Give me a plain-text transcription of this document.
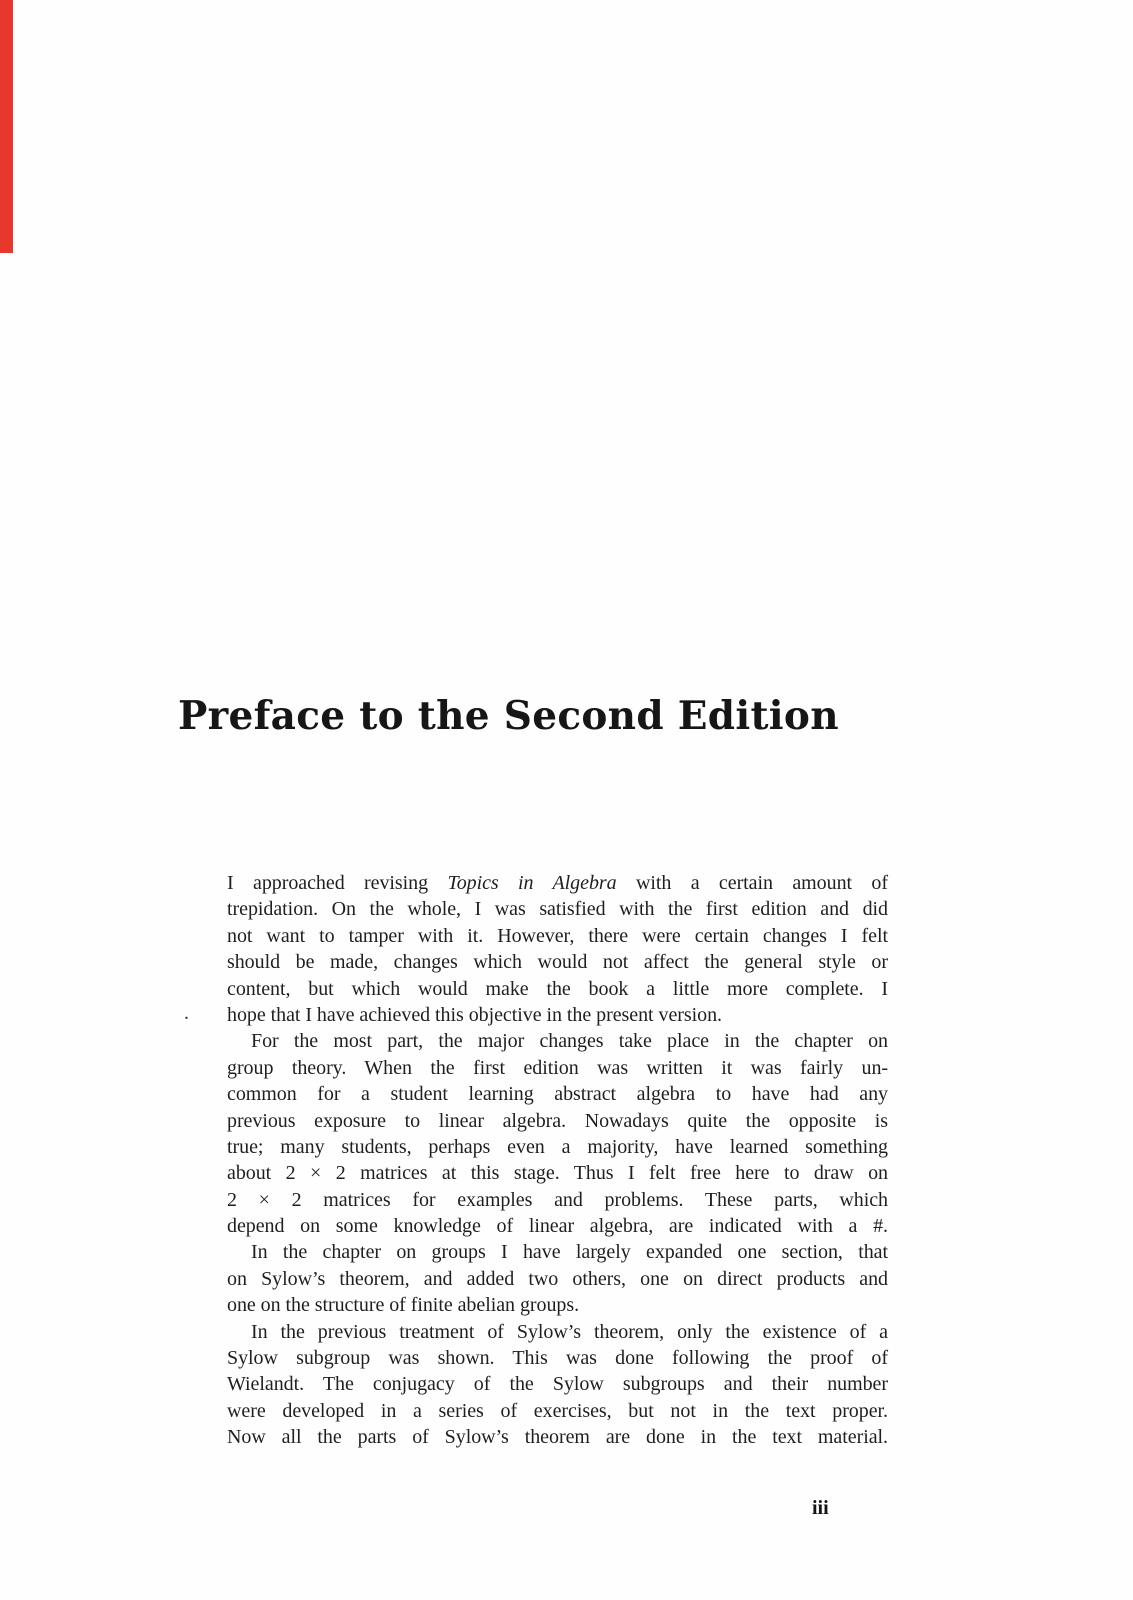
Preface to the Second Edition
I approached revising Topics in Algebra with a certain amount of
trepidation. On the whole, I was satisfied with the first edition and did
not want to tamper with it. However, there were certain changes I felt
should be made, changes which would not affect the general style or
content, but which would make the book a little more complete. I
hope that I have achieved this objective in the present version.
For the most part, the major changes take place in the chapter on
group theory. When the first edition was written it was fairly un-
common for a student learning abstract algebra to have had any
previous exposure to linear algebra. Nowadays quite the opposite is
true; many students, perhaps even a majority, have learned something
about 2 × 2 matrices at this stage. Thus I felt free here to draw on
2 × 2 matrices for examples and problems. These parts, which
depend on some knowledge of linear algebra, are indicated with a #.
In the chapter on groups I have largely expanded one section, that
on Sylow’s theorem, and added two others, one on direct products and
one on the structure of finite abelian groups.
In the previous treatment of Sylow’s theorem, only the existence of a
Sylow subgroup was shown. This was done following the proof of
Wielandt. The conjugacy of the Sylow subgroups and their number
were developed in a series of exercises, but not in the text proper.
Now all the parts of Sylow’s theorem are done in the text material.
.
iii
